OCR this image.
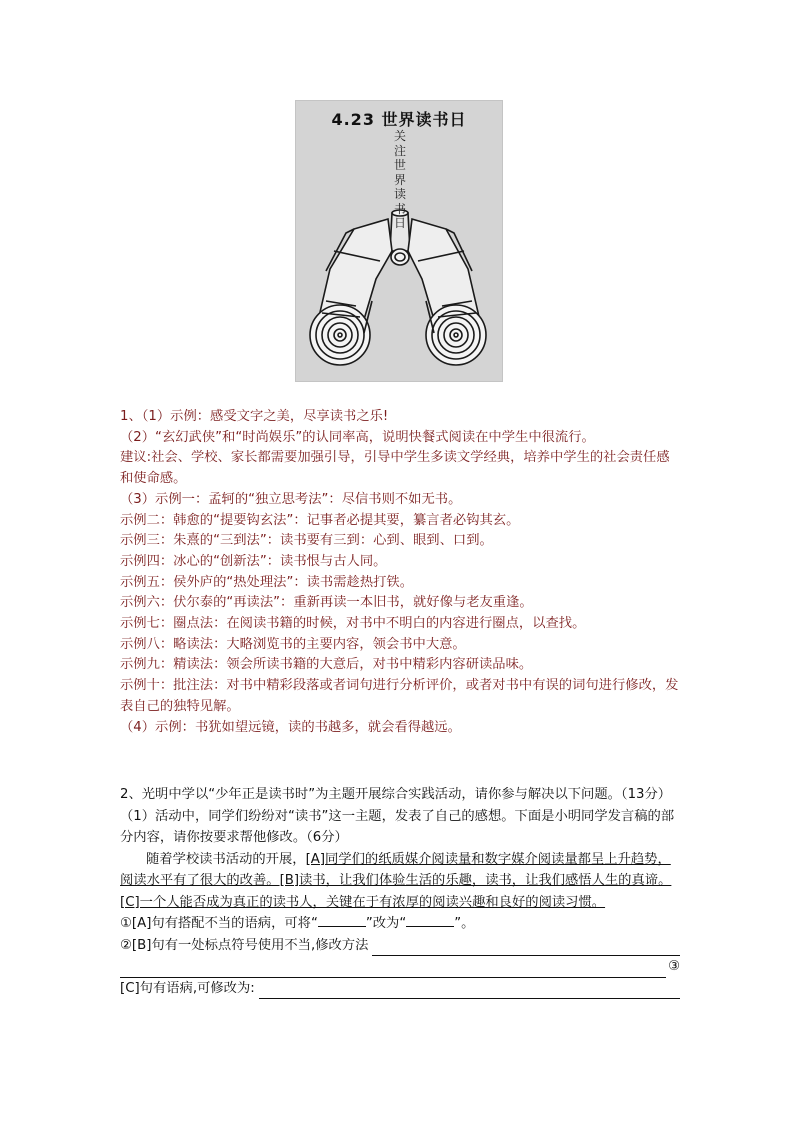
4.23 世界读书日
关
注
世
界
读
书
日
1、（1）示例：感受文字之美，尽享读书之乐!
（2）“玄幻武侠”和“时尚娱乐”的认同率高，说明快餐式阅读在中学生中很流行。
建议:社会、学校、家长都需要加强引导，引导中学生多读文学经典，培养中学生的社会责任感和使命感。
（3）示例一：孟轲的“独立思考法”：尽信书则不如无书。
示例二：韩愈的“提要钩玄法”：记事者必提其要，纂言者必钩其玄。
示例三：朱熹的“三到法”：读书要有三到：心到、眼到、口到。
示例四：冰心的“创新法”：读书恨与古人同。
示例五：侯外庐的“热处理法”：读书需趁热打铁。
示例六：伏尔泰的“再读法”：重新再读一本旧书，就好像与老友重逢。
示例七：圈点法：在阅读书籍的时候，对书中不明白的内容进行圈点，以查找。
示例八：略读法：大略浏览书的主要内容，领会书中大意。
示例九：精读法：领会所读书籍的大意后，对书中精彩内容研读品味。
示例十：批注法：对书中精彩段落或者词句进行分析评价，或者对书中有误的词句进行修改，发表自己的独特见解。
（4）示例：书犹如望远镜，读的书越多，就会看得越远。
2、光明中学以“少年正是读书时”为主题开展综合实践活动，请你参与解决以下问题。（13分）
（1）活动中，同学们纷纷对“读书”这一主题，发表了自己的感想。下面是小明同学发言稿的部分内容，请你按要求帮他修改。（6分）
随着学校读书活动的开展，[A]同学们的纸质媒介阅读量和数字媒介阅读量都呈上升趋势，阅读水平有了很大的改善。[B]读书，让我们体验生活的乐趣，读书，让我们感悟人生的真谛。[C]一个人能否成为真正的读书人，关键在于有浓厚的阅读兴趣和良好的阅读习惯。
①[A]句有搭配不当的语病，可将“	”改为“	”。
②[B]句有一处标点符号使用不当,修改方法
③
[C]句有语病,可修改为:
